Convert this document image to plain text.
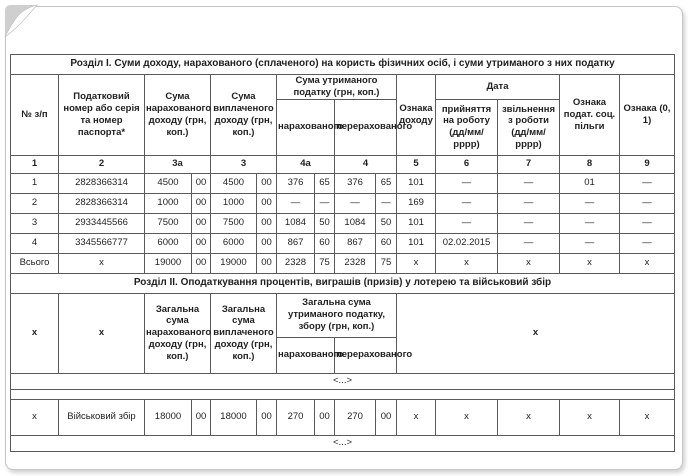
Розділ I. Суми доходу, нарахованого (сплаченого) на користь фізичних осіб, і суми утриманого з них податку														
№ з/п	Податковий номер або серія та номер паспорта*	Сума нарахованого доходу (грн, коп.)		Сума виплаченого доходу (грн, коп.)		Сума утриманого податку (грн, коп.)				Ознака доходу	Дата		Ознака подат. соц. пільги	Ознака (0, 1)
						нарахованого		перерахованого			прийняття на роботу (дд/мм/рррр)	звільнення з роботи (дд/мм/рррр)		
1	2	3а		3		4а		4		5	6	7	8	9
1	2828366314	4500	00	4500	00	376	65	376	65	101	—	—	01	—
2	2828366314	1000	00	1000	00	—	—	—	—	169	—	—	—	—
3	2933445566	7500	00	7500	00	1084	50	1084	50	101	—	—	—	—
4	3345566777	6000	00	6000	00	867	60	867	60	101	02.02.2015	—	—	—
Всього	х	19000	00	19000	00	2328	75	2328	75	х	х	х	х	х
Розділ II. Оподаткування процентів, виграшів (призів) у лотерею та військовий збір														
х	х	Загальна сума нарахованого доходу (грн, коп.)		Загальна сума виплаченого доходу (грн, коп.)		Загальна сума утриманого податку, збору (грн, коп.)				х				
						нарахованого		перерахованого						
<...>														

х	Військовий збір	18000	00	18000	00	270	00	270	00	х	х	х	х	х
<...>														
